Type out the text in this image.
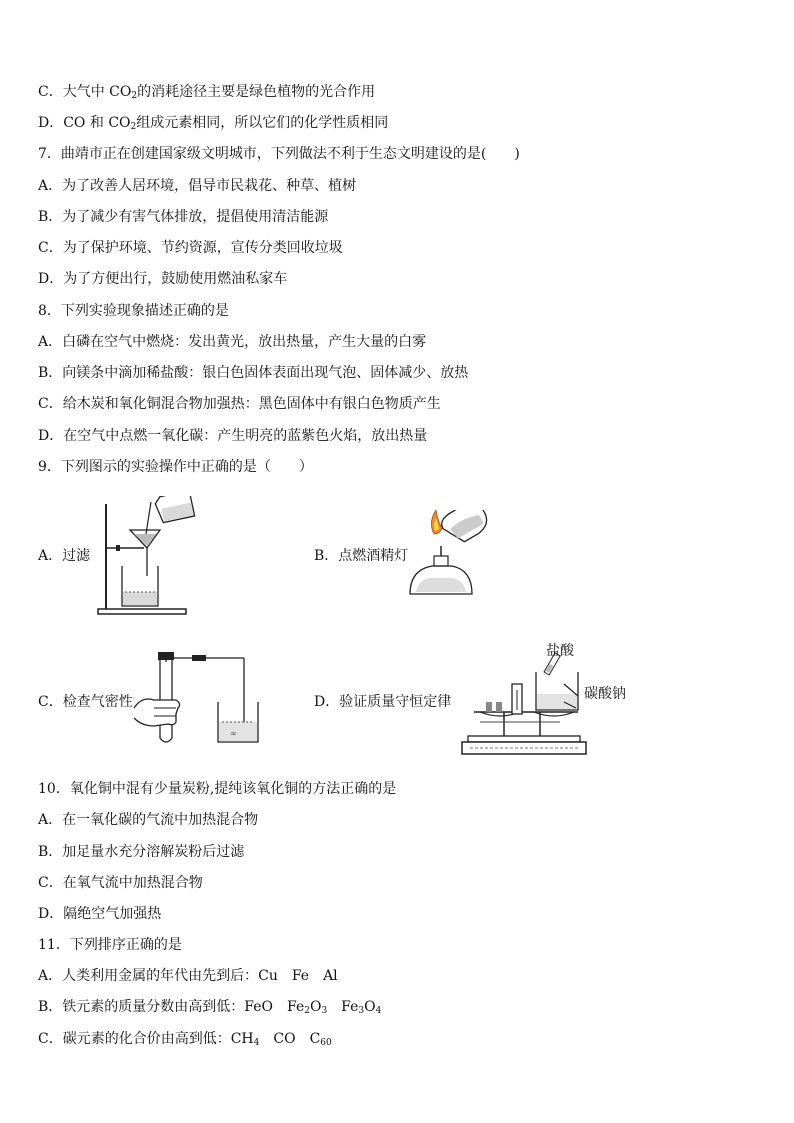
C．大气中 $CO_2$的消耗途径主要是绿色植物的光合作用
D．CO 和 $CO_2$组成元素相同，所以它们的化学性质相同
7．曲靖市正在创建国家级文明城市，下列做法不利于生态文明建设的是(　　)
A．为了改善人居环境，倡导市民栽花、种草、植树
B．为了减少有害气体排放，提倡使用清洁能源
C．为了保护环境、节约资源，宣传分类回收垃圾
D．为了方便出行，鼓励使用燃油私家车
8．下列实验现象描述正确的是
A．白磷在空气中燃烧：发出黄光，放出热量，产生大量的白雾
B．向镁条中滴加稀盐酸：银白色固体表面出现气泡、固体减少、放热
C．给木炭和氧化铜混合物加强热：黑色固体中有银白色物质产生
D．在空气中点燃一氧化碳：产生明亮的蓝紫色火焰，放出热量
9．下列图示的实验操作中正确的是（　　）
10．氧化铜中混有少量炭粉,提纯该氧化铜的方法正确的是
A．在一氧化碳的气流中加热混合物
B．加足量水充分溶解炭粉后过滤
C．在氧气流中加热混合物
D．隔绝空气加强热
11．下列排序正确的是
A．人类利用金属的年代由先到后：Cu　Fe　Al
B．铁元素的质量分数由高到低：FeO　$Fe_2O_3$　$Fe_3O_4$
C．碳元素的化合价由高到低：$CH_4$　CO　$C_{60}$
A．过滤	B．点燃酒精灯
C．检查气密性	D．验证质量守恒定律
≈
盐酸
碳酸钠
